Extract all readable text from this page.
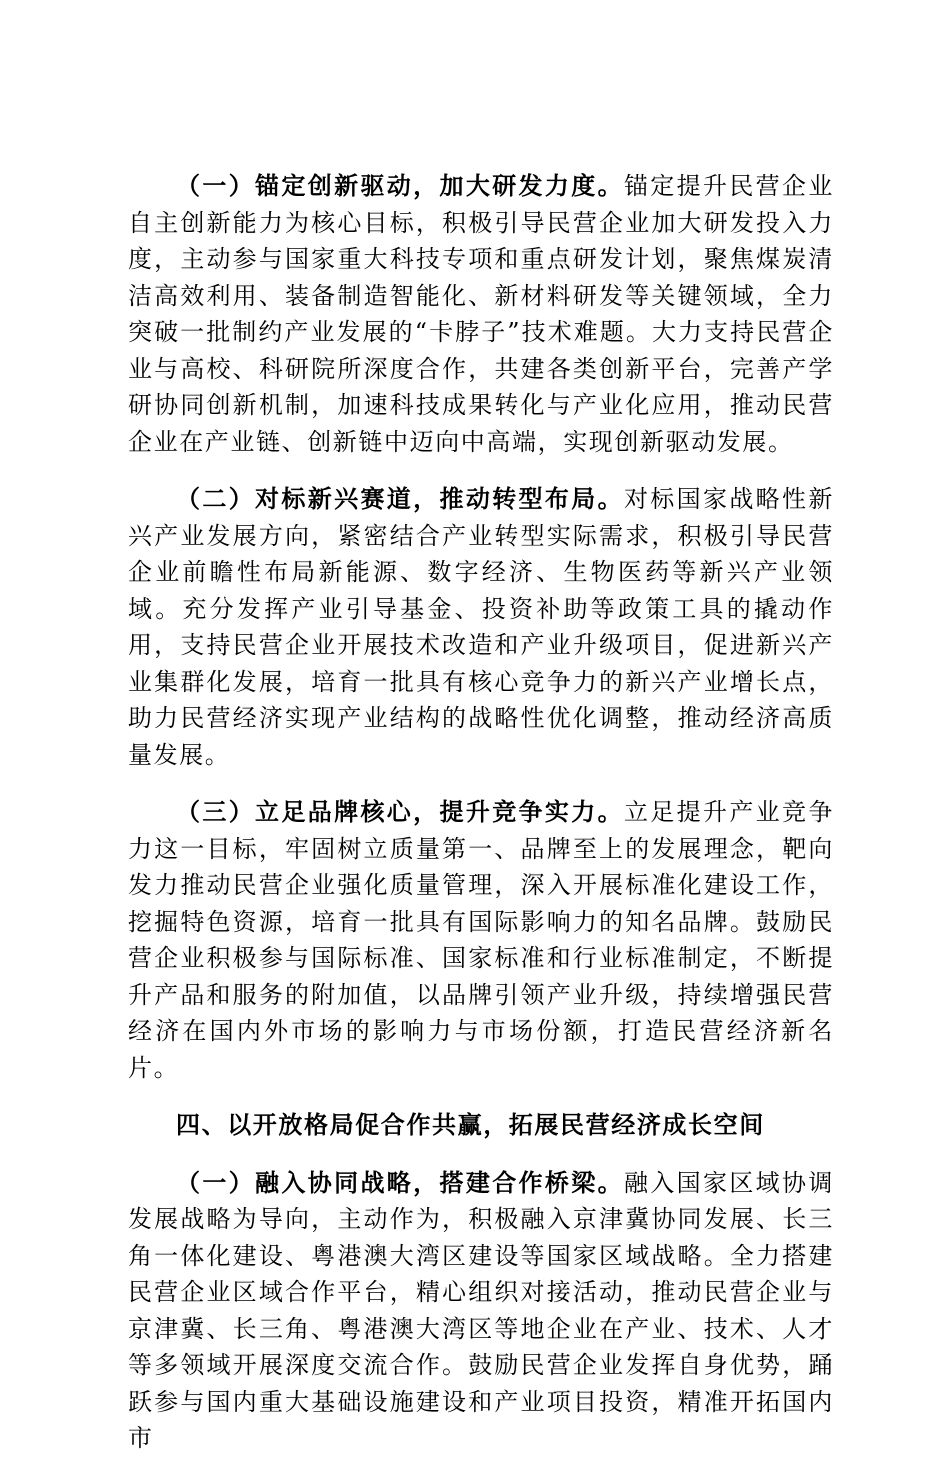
（一）锚定创新驱动，加大研发力度。锚定提升民营企业自主创新能力为核心目标，积极引导民营企业加大研发投入力度，主动参与国家重大科技专项和重点研发计划，聚焦煤炭清洁高效利用、装备制造智能化、新材料研发等关键领域，全力突破一批制约产业发展的“卡脖子”技术难题。大力支持民营企业与高校、科研院所深度合作，共建各类创新平台，完善产学研协同创新机制，加速科技成果转化与产业化应用，推动民营企业在产业链、创新链中迈向中高端，实现创新驱动发展。

（二）对标新兴赛道，推动转型布局。对标国家战略性新兴产业发展方向，紧密结合产业转型实际需求，积极引导民营企业前瞻性布局新能源、数字经济、生物医药等新兴产业领域。充分发挥产业引导基金、投资补助等政策工具的撬动作用，支持民营企业开展技术改造和产业升级项目，促进新兴产业集群化发展，培育一批具有核心竞争力的新兴产业增长点，助力民营经济实现产业结构的战略性优化调整，推动经济高质量发展。

（三）立足品牌核心，提升竞争实力。立足提升产业竞争力这一目标，牢固树立质量第一、品牌至上的发展理念，靶向发力推动民营企业强化质量管理，深入开展标准化建设工作，挖掘特色资源，培育一批具有国际影响力的知名品牌。鼓励民营企业积极参与国际标准、国家标准和行业标准制定，不断提升产品和服务的附加值，以品牌引领产业升级，持续增强民营经济在国内外市场的影响力与市场份额，打造民营经济新名片。

四、以开放格局促合作共赢，拓展民营经济成长空间

（一）融入协同战略，搭建合作桥梁。融入国家区域协调发展战略为导向，主动作为，积极融入京津冀协同发展、长三角一体化建设、粤港澳大湾区建设等国家区域战略。全力搭建民营企业区域合作平台，精心组织对接活动，推动民营企业与京津冀、长三角、粤港澳大湾区等地企业在产业、技术、人才等多领域开展深度交流合作。鼓励民营企业发挥自身优势，踊跃参与国内重大基础设施建设和产业项目投资，精准开拓国内市
